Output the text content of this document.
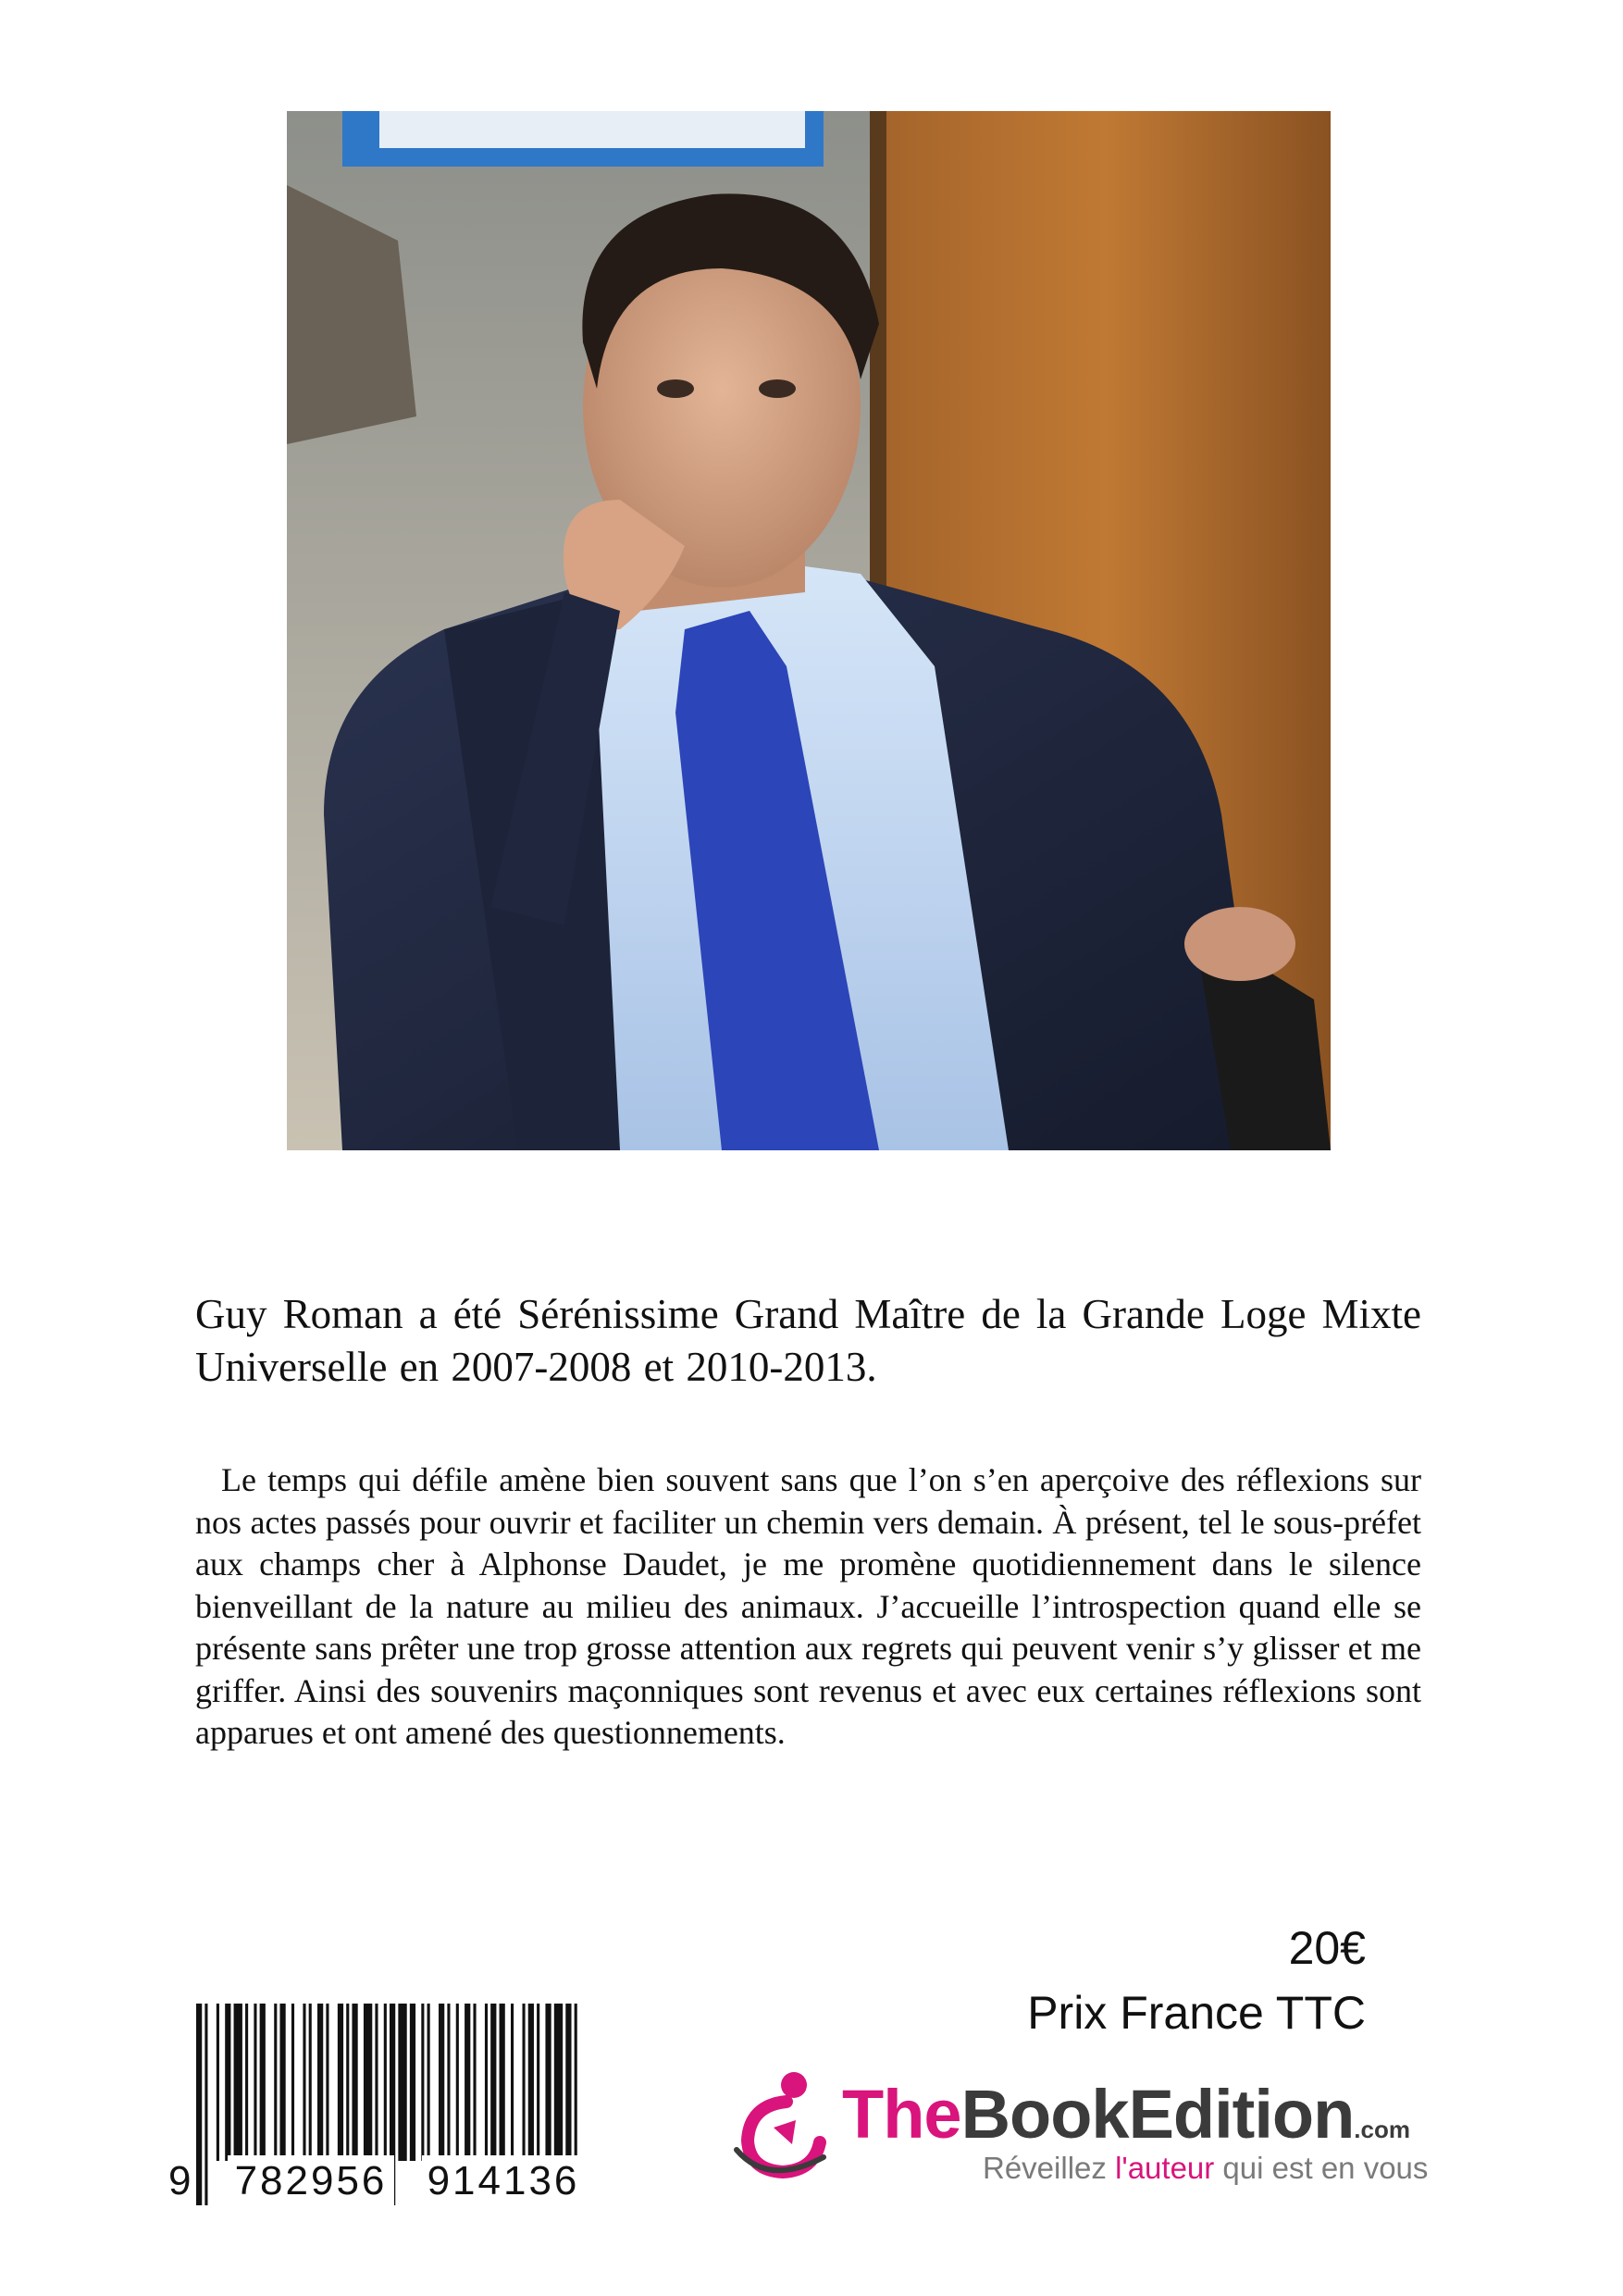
Guy Roman a été Sérénissime Grand Maître de la Grande Loge Mixte Universelle en 2007-2008 et 2010-2013.

Le temps qui défile amène bien souvent sans que l’on s’en aperçoive des réflexions sur nos actes passés pour ouvrir et faciliter un chemin vers demain. À présent, tel le sous-préfet aux champs cher à Alphonse Daudet, je me promène quotidiennement dans le silence bienveillant de la nature au milieu des animaux. J’accueille l’introspection quand elle se présente sans prêter une trop grosse attention aux regrets qui peuvent venir s’y glisser et me griffer. Ainsi des souvenirs maçonniques sont revenus et avec eux certaines réflexions sont apparues et ont amené des questionnements.

20€
Prix France TTC
9 782956 914136
TheBookEdition.com
Réveillez l'auteur qui est en vous
